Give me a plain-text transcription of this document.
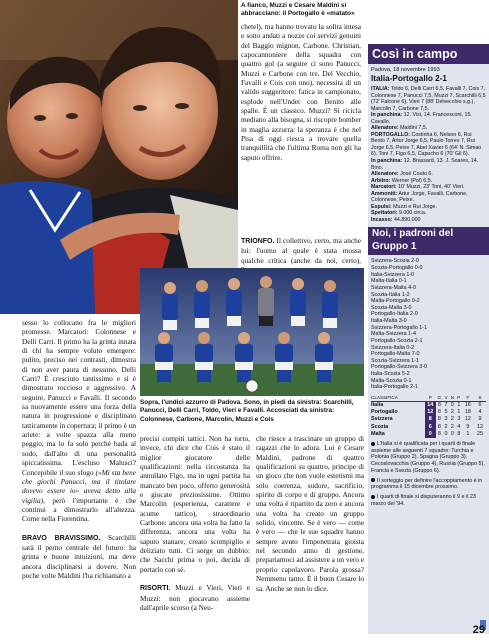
A fianco, Muzzi e Cesare Maldini si abbracciano: il Portogallo è «matato»

chetel), ma hanno trovato la solita intesa e sono andati a nozze coi servizi genuini del Baggio mignon, Carbone. Christian, capocannoniere della squadra con quattro gol (a seguire ci sono Panucci, Muzzi e Carbone con tre, Del Vecchio, Favalli e Cois con uno), necessita di un valido suggeritore: fatica in campionato, esplode nell'Under con Benito alle spalle. È un classico. Muzzi? Si ricicla mediano alla bisogna, si riscopre bomber in maglia azzurra: la speranza è che nel Pisa di oggi riesca a trovare quella tranquillità che l'ultima Roma non gli ha saputo offrire.

TRIONFO. Il collettivo, certo, ma anche lui: l'uomo al quale è stata mossa qualche critica (anche da noi, certo),

Sopra, l'undici azzurro di Padova. Sono, in piedi da sinistra: Scarchilli, Panucci, Delli Carri, Toldo, Vieri e Favalli. Accosciati da sinistra: Colonnese, Carbone, Marcolin, Muzzi e Cois

sesso lo collocano fra le migliori promesse. Marcatori: Colonnese e Delli Carri. Il primo ha la grinta innata di chi ha sempre voluto emergere: pulito, preciso nei contrasti, dimostra di non aver paura di nessuno. Delli Carri? È cresciuto tantissimo e si è dimostrato roccioso e aggressivo. A seguire, Panucci e Favalli. Il secondo sa nuovamente essere una forza della natura in progressione e disciplinato tatticamente in copertura; il primo è un ariete: a volte spazza alla meno peggio, ma lo fa solo perché bada al sodo, dall'alto di una personalità spiccatissima. L'escluso Malusci? Concepibile il suo sfogo («Mi sta bene che giochi Panucci, ma il titolare dovevo essere io» aveva detto alla vigilia), però l'importante è che continui a dimostrarlo all'altezza. Come nella Fiorentina.

BRAVO BRAVISSIMO. Scarchilli sarà il perno centrale del futuro: ha grinta e buone intuizioni, ma deve ancora disciplinarsi a dovere. Non poche volte Maldini l'ha richiamato a

precisi compiti tattici. Non ha torto, invece, chi dice che Cois è stato il miglior giocatore delle qualificazioni: nella circostanza ha annullato Figo, ma in ogni partita ha mancato ben poco, offerto generosità e giocate preziosissime. Ottimo Marcolin (esperienza, carattere e acume tattico), straordinario Carbone: ancora una volta ha fatto la differenza, ancora una volta ha saputo stanare, creato scompiglio e deliziato tutti. Ci sorge un dubbio: che Sacchi prima o poi, decida di portarlo con sé.

RISORTI. Muzzi e Vieri, Vieri e Muzzi: non giocavano assieme dall'aprile scorso (a Neu-

che riesce a trascinare un gruppo di ragazzi che lo adora. Lui è Cesare Maldini, padrone di quattro qualificazioni su quattro, principe di un gioco che non vuole estetismi ma solo coerenza, sudore, sacrificio, spirito di corpo e di gruppo. Ancora una volta è ripartito da zero e ancora una volta ha creato un gruppo solido, vincente. Se è vero — come è vero — che le sue squadre hanno sempre avuto l'impenetrata gioista nel secondo anno di gestione, prepariamoci ad assistere a un vero e proprio capolavoro. Parola grossa? Nemmeno tanto. È il buon Cesare lo sa. Anche se non lo dice.

Così in campo
Padova, 18 novembre 1993
Italia-Portogallo 2-1
ITALIA: Toldo 6, Delli Carri 6,5, Favalli 7, Cois 7, Colonnese 7, Panucci 7,5, Muzzi 7, Scarchilli 6,5 (72' Falcone 6), Vieri 7 (88' Delvecchio s.g.), Marcolin 7, Carbone 7,5.
In panchina: 12. Visi, 14. Francesconi, 15. Cavallo.
Allenatore: Maldini 7,5.
PORTOGALLO: Costinha 6, Nelson 6, Rui Bento 7, Artur Jorge 6,5, Paulo Torres 7, Rui Jorge 6,5, Peixe 7, Abel Xavier 6 (64' N. Simao 6), Toni 7, Figo 6,5, Capucho 6 (70' Gil 6).
In panchina: 12. Brassard, 13. J. Soares, 14. Bino.
Allenatore: José Couto 6.
Arbitro: Werner (Pol) 6,5.
Marcatori: 10' Muzzi, 23' Toni, 40' Vieri.
Ammoniti: Artur Jorge, Favalli, Carbone, Colonnese, Peixe.
Espulsi: Muzzi e Rui Jorge.
Spettatori: 9.000 circa.
Incasso: 44.890.000

Noi, i padroni del Gruppo 1
Svizzera-Scozia 2-0
Scozia-Portogallo 0-0
Italia-Svizzera 1-0
Malta-Italia 0-1
Svizzera-Malta 4-0
Scozia-Italia 1-2
Malta-Portogallo 0-2
Scozia-Malta 3-0
Portogallo-Italia 2-0
Italia-Malta 3-0
Svizzera-Portogallo 1-1
Malta-Svizzera 1-4
Portogallo-Scozia 2-1
Svizzera-Italia 0-2
Portogallo-Malta 7-0
Scozia-Svizzera 1-1
Portogallo-Svizzera 3-0
Italia-Scozia 5-2
Malta-Scozia 0-1
Italia-Portogallo 2-1
CLASSIFICA	P	G	V	N	P	F	S
Italia	14	8	7	0	1	16	6
Portogallo	12	8	5	2	1	18	4
Svizzera	8	8	3	2	3	12	9
Scozia	6	8	2	2	4	9	12
Malta	0	8	0	0	8	1	25

L'Italia si è qualificata per i quarti di finale assieme alle seguenti 7 squadre: Turchia e Polonia (Gruppo 2), Spagna (Gruppo 3), Cecoslovacchia (Gruppo 4), Russia (Gruppo 5), Francia e Svezia (Gruppo 6).

Il sorteggio per definire l'accoppiamento è in programma il 15 dicembre prossimo.

I quarti di finale si disputeranno il 9 e il 23 marzo del '94.

29
